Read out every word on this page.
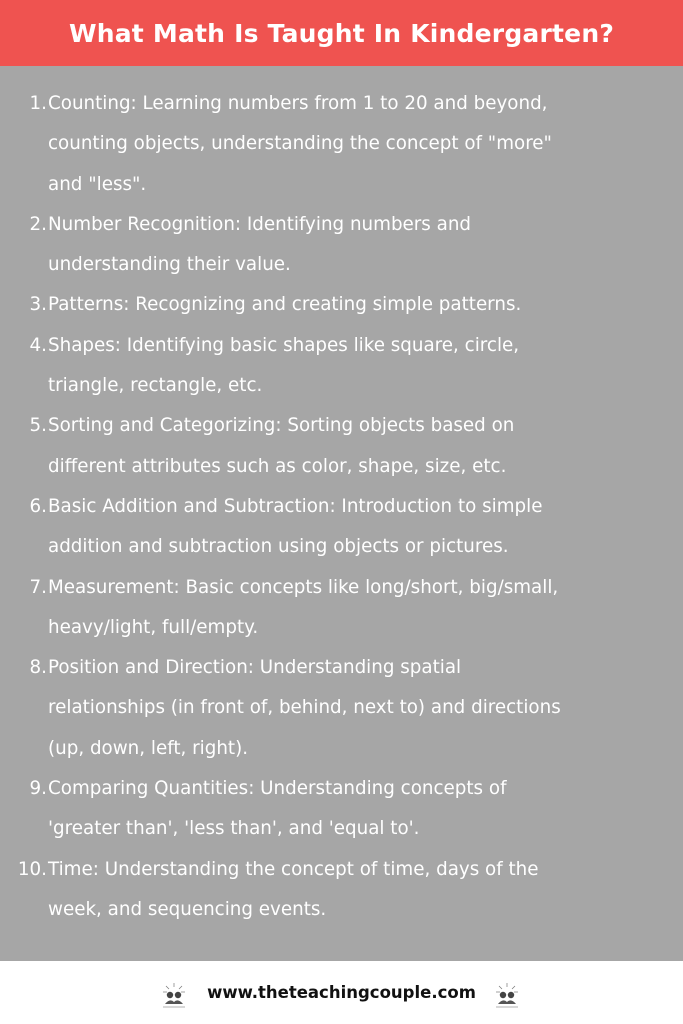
What Math Is Taught In Kindergarten?
1. Counting: Learning numbers from 1 to 20 and beyond,
counting objects, understanding the concept of "more"
and "less".
2. Number Recognition: Identifying numbers and
understanding their value.
3. Patterns: Recognizing and creating simple patterns.
4. Shapes: Identifying basic shapes like square, circle,
triangle, rectangle, etc.
5. Sorting and Categorizing: Sorting objects based on
different attributes such as color, shape, size, etc.
6. Basic Addition and Subtraction: Introduction to simple
addition and subtraction using objects or pictures.
7. Measurement: Basic concepts like long/short, big/small,
heavy/light, full/empty.
8. Position and Direction: Understanding spatial
relationships (in front of, behind, next to) and directions
(up, down, left, right).
9. Comparing Quantities: Understanding concepts of
'greater than', 'less than', and 'equal to'.
10. Time: Understanding the concept of time, days of the
week, and sequencing events.
www.theteachingcouple.com
